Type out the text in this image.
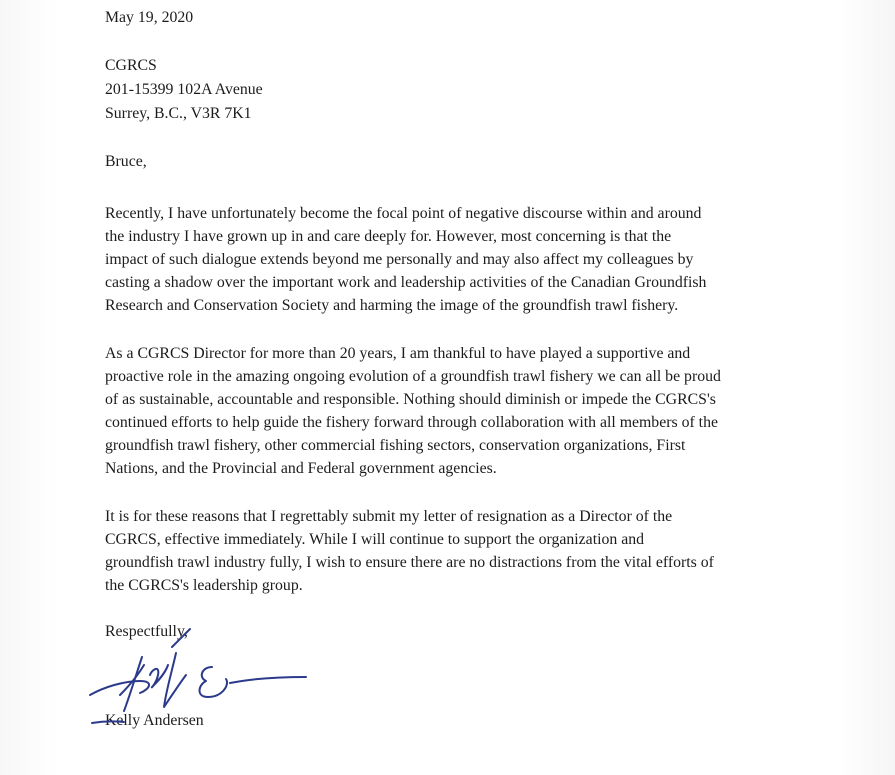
May 19, 2020
CGRCS
201-15399 102A Avenue
Surrey, B.C., V3R 7K1
Bruce,
Recently, I have unfortunately become the focal point of negative discourse within and around
the industry I have grown up in and care deeply for. However, most concerning is that the
impact of such dialogue extends beyond me personally and may also affect my colleagues by
casting a shadow over the important work and leadership activities of the Canadian Groundfish
Research and Conservation Society and harming the image of the groundfish trawl fishery.
As a CGRCS Director for more than 20 years, I am thankful to have played a supportive and
proactive role in the amazing ongoing evolution of a groundfish trawl fishery we can all be proud
of as sustainable, accountable and responsible. Nothing should diminish or impede the CGRCS's
continued efforts to help guide the fishery forward through collaboration with all members of the
groundfish trawl fishery, other commercial fishing sectors, conservation organizations, First
Nations, and the Provincial and Federal government agencies.
It is for these reasons that I regrettably submit my letter of resignation as a Director of the
CGRCS, effective immediately. While I will continue to support the organization and
groundfish trawl industry fully, I wish to ensure there are no distractions from the vital efforts of
the CGRCS's leadership group.
Respectfully,
Kelly Andersen
